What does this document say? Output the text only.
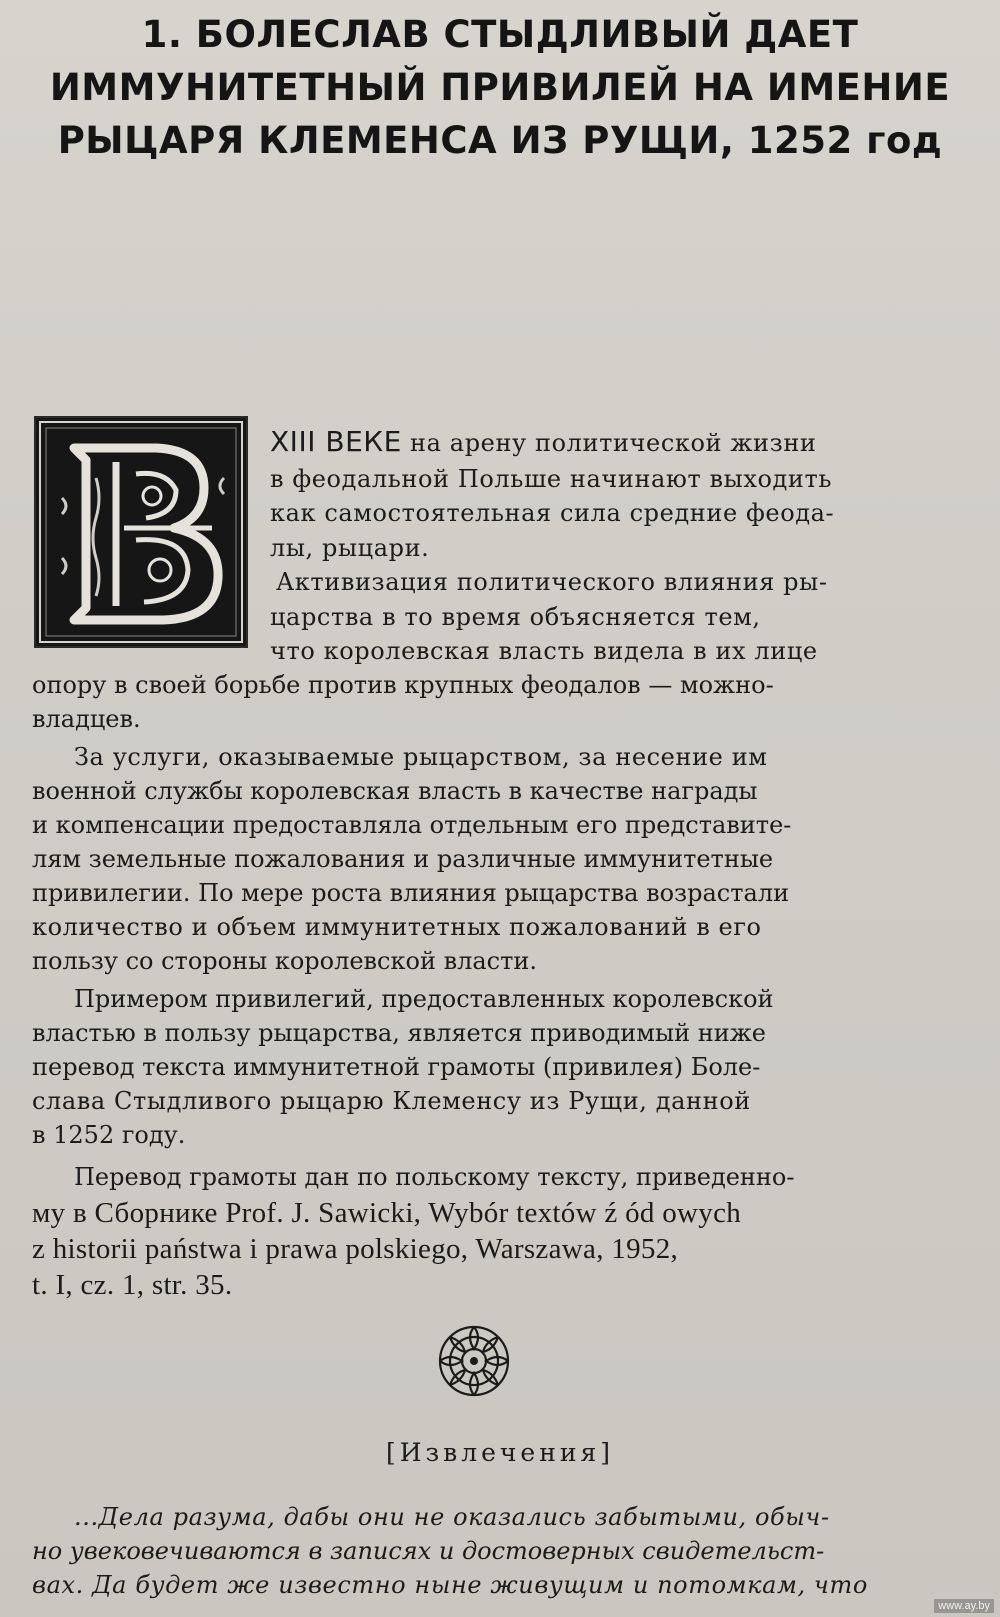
1. БОЛЕСЛАВ СТЫДЛИВЫЙ ДАЕТ
ИММУНИТЕТНЫЙ ПРИВИЛЕЙ НА ИМЕНИЕ
РЫЦАРЯ КЛЕМЕНСА ИЗ РУЩИ, 1252 год
XIII ВЕКЕ на арену политической жизни
в феодальной Польше начинают выходить
как самостоятельная сила средние феода-
лы, рыцари.
Активизация политического влияния ры-
царства в то время объясняется тем,
что королевская власть видела в их лице
опору в своей борьбе против крупных феодалов — можно-
владцев.
За услуги, оказываемые рыцарством, за несение им
военной службы королевская власть в качестве награды
и компенсации предоставляла отдельным его представите-
лям земельные пожалования и различные иммунитетные
привилегии. По мере роста влияния рыцарства возрастали
количество и объем иммунитетных пожалований в его
пользу со стороны королевской власти.
Примером привилегий, предоставленных королевской
властью в пользу рыцарства, является приводимый ниже
перевод текста иммунитетной грамоты (привилея) Боле-
слава Стыдливого рыцарю Клеменсу из Рущи, данной
в 1252 году.
Перевод грамоты дан по польскому тексту, приведенно-
му в Сборнике Prof. J. Sawicki, Wybór textów ź ód owych
z historii państwa i prawa polskiego, Warszawa, 1952,
t. I, cz. 1, str. 35.
[Извлечения]
...Дела разума, дабы они не оказались забытыми, обыч-
но увековечиваются в записях и достоверных свидетельст-
вах. Да будет же известно ныне живущим и потомкам, что
www.ay.by
